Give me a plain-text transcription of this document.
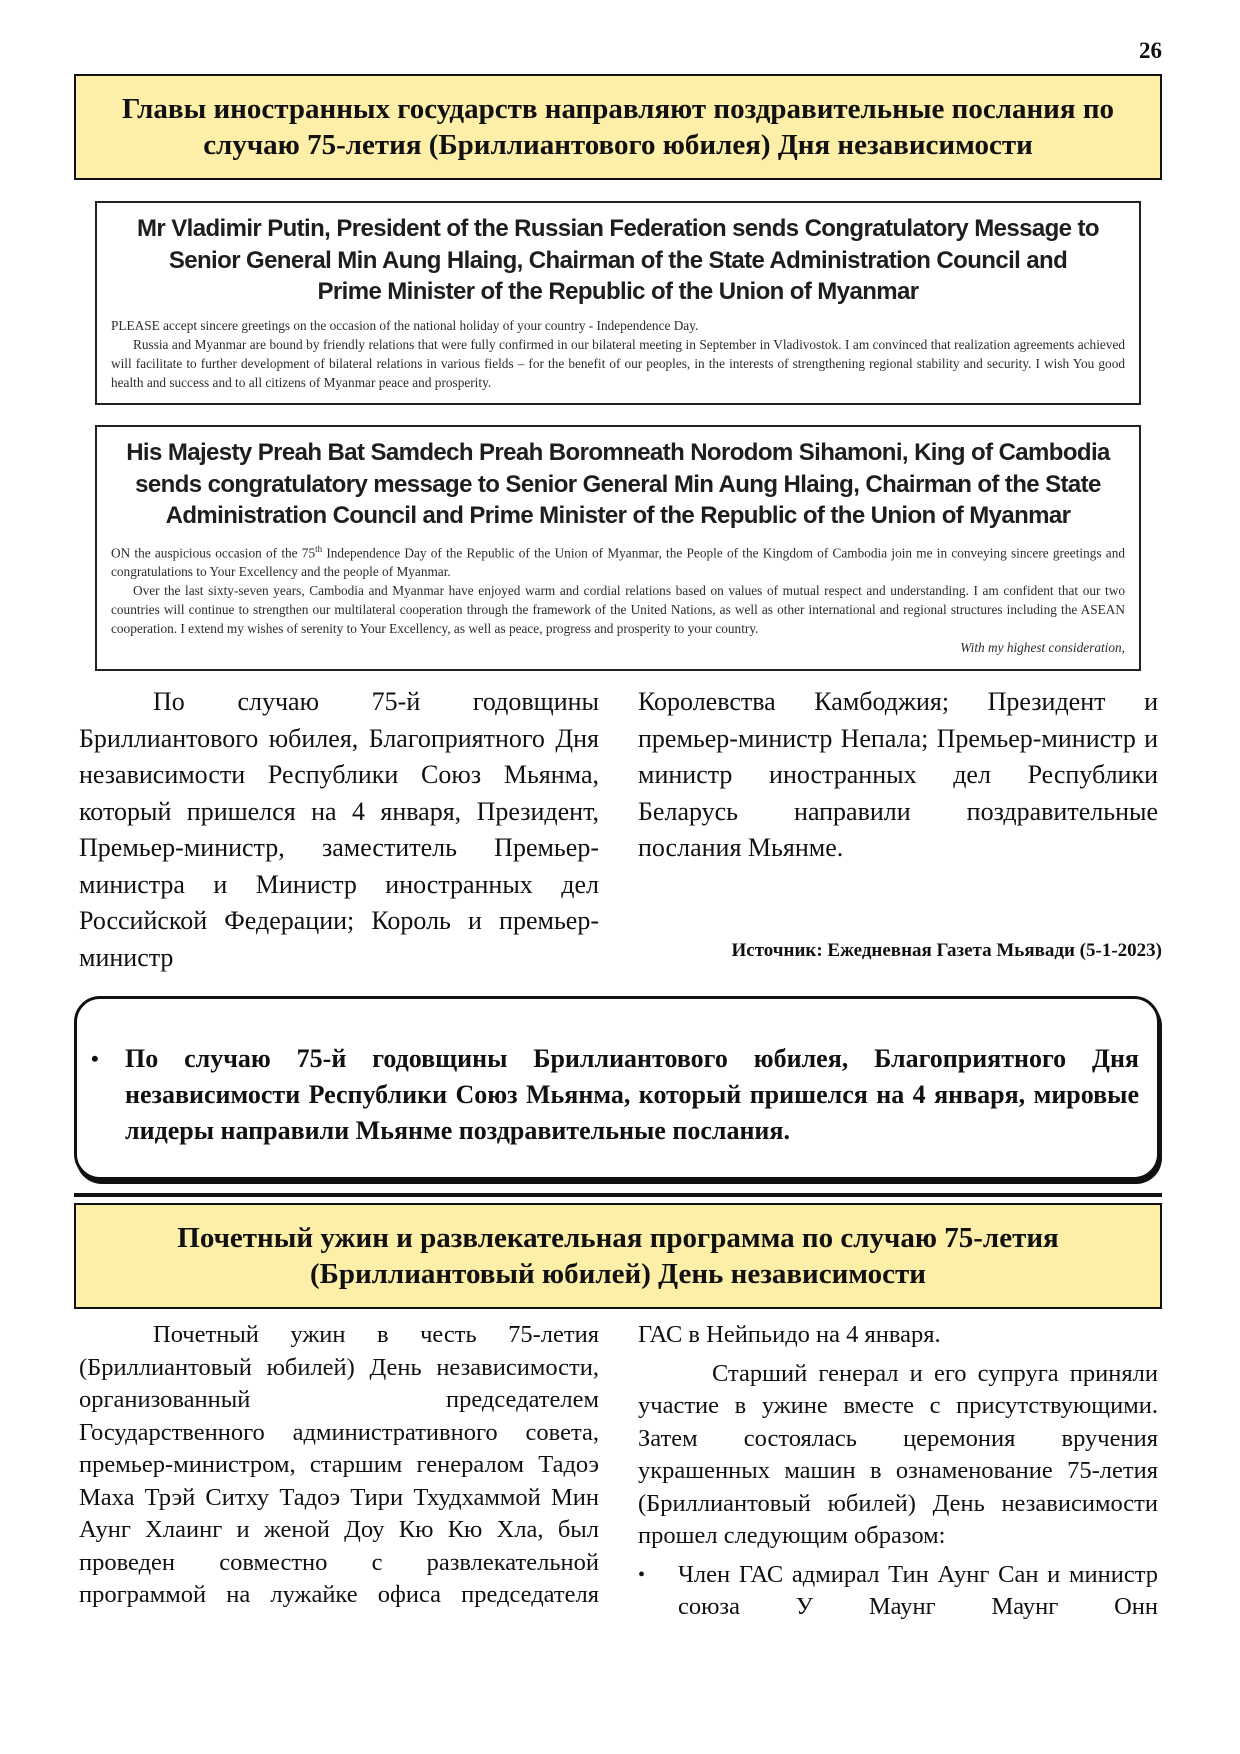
26
Главы иностранных государств направляют поздравительные послания по
случаю 75-летия (Бриллиантового юбилея) Дня независимости
Mr Vladimir Putin, President of the Russian Federation sends Congratulatory Message to
Senior General Min Aung Hlaing, Chairman of the State Administration Council and
Prime Minister of the Republic of the Union of Myanmar

PLEASE accept sincere greetings on the occasion of the national holiday of your country - Independence Day.

Russia and Myanmar are bound by friendly relations that were fully confirmed in our bilateral meeting in September in Vladivostok. I am convinced that realization agreements achieved will facilitate to further development of bilateral relations in various fields – for the benefit of our peoples, in the interests of strengthening regional stability and security. I wish You good health and success and to all citizens of Myanmar peace and prosperity.

His Majesty Preah Bat Samdech Preah Boromneath Norodom Sihamoni, King of Cambodia
sends congratulatory message to Senior General Min Aung Hlaing, Chairman of the State
Administration Council and Prime Minister of the Republic of the Union of Myanmar

ON the auspicious occasion of the 75th Independence Day of the Republic of the Union of Myanmar, the People of the Kingdom of Cambodia join me in conveying sincere greetings and congratulations to Your Excellency and the people of Myanmar.

Over the last sixty-seven years, Cambodia and Myanmar have enjoyed warm and cordial relations based on values of mutual respect and understanding. I am confident that our two countries will continue to strengthen our multilateral cooperation through the framework of the United Nations, as well as other international and regional structures including the ASEAN cooperation. I extend my wishes of serenity to Your Excellency, as well as peace, progress and prosperity to your country.

With my highest consideration,

По случаю 75-й годовщины Бриллиантового юбилея, Благоприятного Дня независимости Республики Союз Мьянма, который пришелся на 4 января, Президент, Премьер-министр, заместитель Премьер-министра и Министр иностранных дел Российской Федерации; Король и премьер-министр

Королевства Камбоджия; Президент и премьер-министр Непала; Премьер-министр и министр иностранных дел Республики Беларусь направили поздравительные послания Мьянме.

Источник: Ежедневная Газета Мьявади (5-1-2023)
•	По случаю 75-й годовщины Бриллиантового юбилея, Благоприятного Дня независимости Республики Союз Мьянма, который пришелся на 4 января, мировые лидеры направили Мьянме поздравительные послания.
Почетный ужин и развлекательная программа по случаю 75-летия
(Бриллиантовый юбилей) День независимости

Почетный ужин в честь 75-летия (Бриллиантовый юбилей) День независимости, организованный председателем Государственного административного совета, премьер-министром, старшим генералом Тадоэ Маха Трэй Ситху Тадоэ Тири Тхудхаммой Мин Аунг Хлаинг и женой Доу Кю Кю Хла, был проведен совместно с развлекательной программой на лужайке офиса председателя

ГАС в Нейпьидо на 4 января.

Старший генерал и его супруга приняли участие в ужине вместе с присутствующими. Затем состоялась церемония вручения украшенных машин в ознаменование 75-летия (Бриллиантовый юбилей) День независимости прошел следующим образом:

•	Член ГАС адмирал Тин Аунг Сан и министр союза У Маунг Маунг Онн
